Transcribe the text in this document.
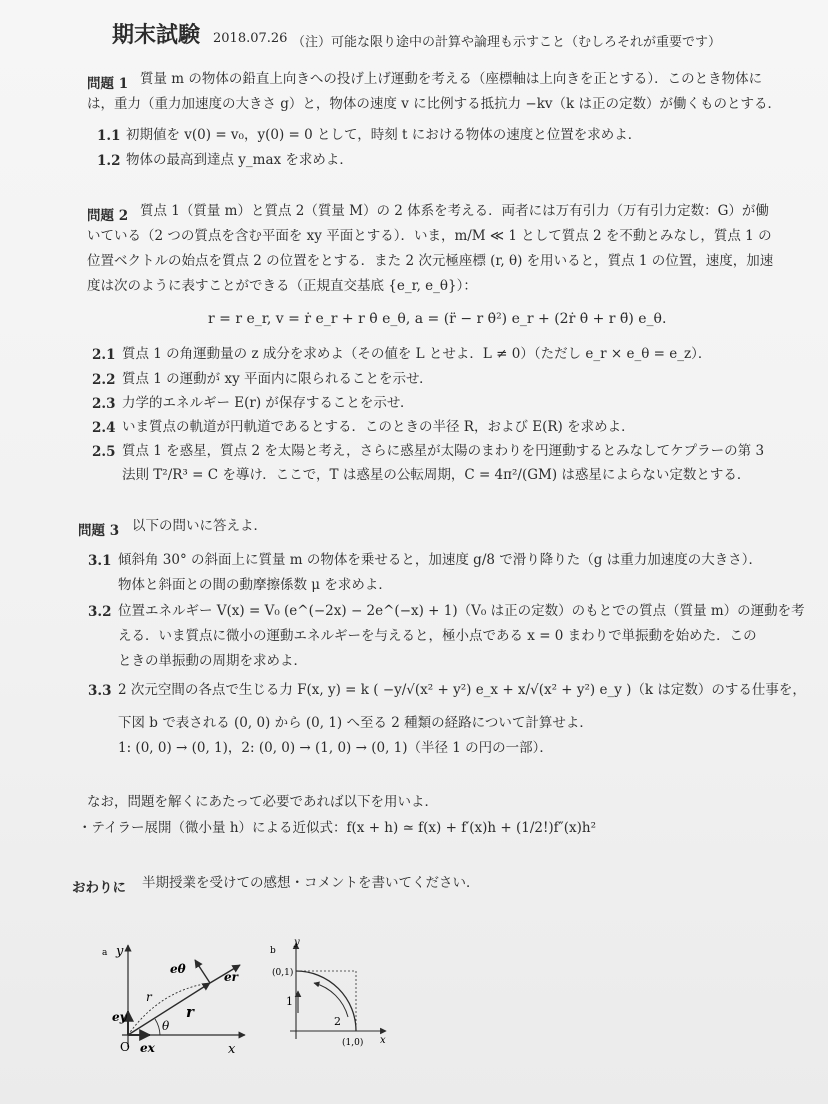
期末試験 2018.07.26 （注）可能な限り途中の計算や論理も示すこと（むしろそれが重要です）
問題 1 質量 m の物体の鉛直上向きへの投げ上げ運動を考える（座標軸は上向きを正とする）．このとき物体に
は，重力（重力加速度の大きさ g）と，物体の速度 v に比例する抵抗力 −kv（k は正の定数）が働くものとする．
1.1 初期値を v(0) = v₀，y(0) = 0 として，時刻 t における物体の速度と位置を求めよ．
1.2 物体の最高到達点 y_max を求めよ．
問題 2 質点 1（質量 m）と質点 2（質量 M）の 2 体系を考える．両者には万有引力（万有引力定数：G）が働
いている（2 つの質点を含む平面を xy 平面とする）．いま，m/M ≪ 1 として質点 2 を不動とみなし，質点 1 の
位置ベクトルの始点を質点 2 の位置をとする．また 2 次元極座標 (r, θ) を用いると，質点 1 の位置，速度，加速
度は次のように表すことができる（正規直交基底 {e_r, e_θ}）：
r = r e_r, v = ṙ e_r + r θ̇ e_θ, a = (r̈ − r θ̇²) e_r + (2ṙ θ̇ + r θ̈) e_θ.
2.1 質点 1 の角運動量の z 成分を求めよ（その値を L とせよ．L ≠ 0）（ただし e_r × e_θ = e_z）．
2.2 質点 1 の運動が xy 平面内に限られることを示せ．
2.3 力学的エネルギー E(r) が保存することを示せ．
2.4 いま質点の軌道が円軌道であるとする．このときの半径 R，および E(R) を求めよ．
2.5 質点 1 を惑星，質点 2 を太陽と考え，さらに惑星が太陽のまわりを円運動するとみなしてケプラーの第 3
法則 T²/R³ = C を導け．ここで，T は惑星の公転周期，C = 4π²/(GM) は惑星によらない定数とする．
問題 3 以下の問いに答えよ．
3.1 傾斜角 30° の斜面上に質量 m の物体を乗せると，加速度 g/8 で滑り降りた（g は重力加速度の大きさ）．
物体と斜面との間の動摩擦係数 μ を求めよ．
3.2 位置エネルギー V(x) = V₀ (e^(−2x) − 2e^(−x) + 1)（V₀ は正の定数）のもとでの質点（質量 m）の運動を考
える．いま質点に微小の運動エネルギーを与えると，極小点である x = 0 まわりで単振動を始めた．この
ときの単振動の周期を求めよ．
3.3 2 次元空間の各点で生じる力 F(x, y) = k ( −y/√(x² + y²) e_x + x/√(x² + y²) e_y )（k は定数）のする仕事を，
下図 b で表される (0, 0) から (0, 1) へ至る 2 種類の経路について計算せよ．
1: (0, 0) → (0, 1)，2: (0, 0) → (1, 0) → (0, 1)（半径 1 の円の一部）．
なお，問題を解くにあたって必要であれば以下を用いよ．
・テイラー展開（微小量 h）による近似式：f(x + h) ≃ f(x) + f′(x)h + (1/2!)f″(x)h²
おわりに 半期授業を受けての感想・コメントを書いてください．
a y
x
O
eθ
er
ey
ex
r
r
θ
b
y
x
(0,1)
(1,0)
1
2
